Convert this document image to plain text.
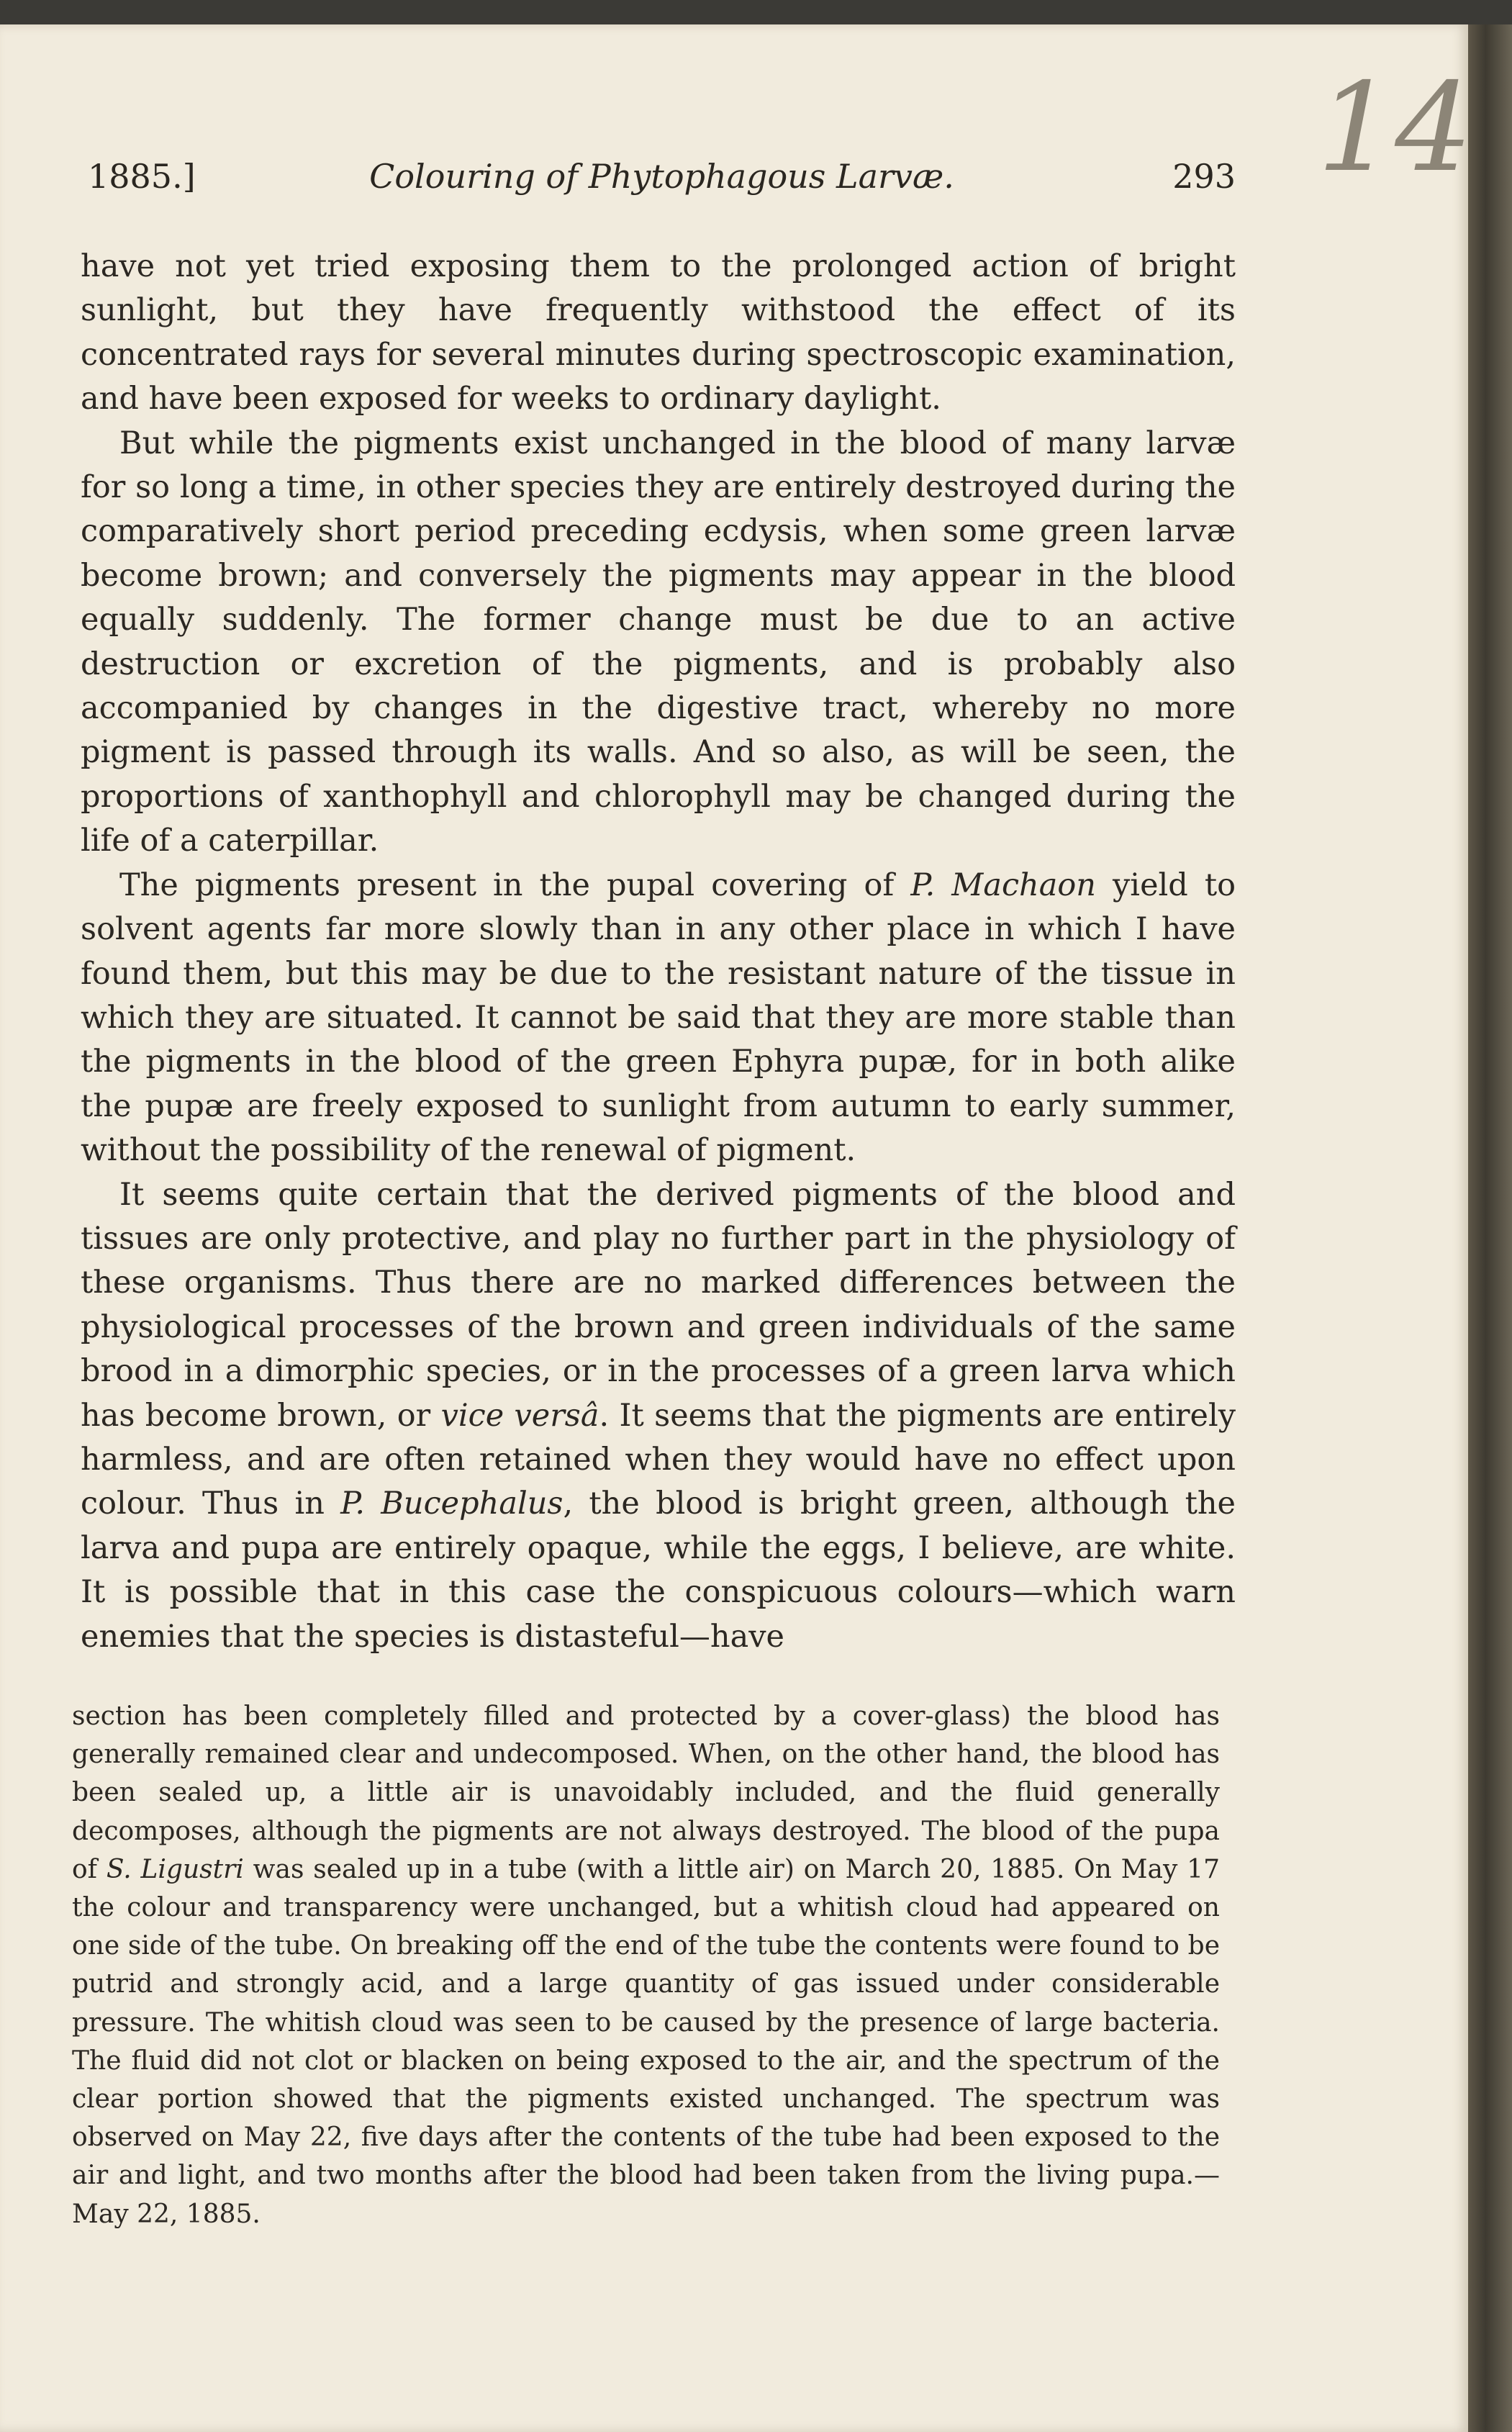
14
1885.]	Colouring of Phytophagous Larvæ.	293

have not yet tried exposing them to the prolonged action of bright sunlight, but they have frequently withstood the effect of its concentrated rays for several minutes during spectroscopic examination, and have been exposed for weeks to ordinary daylight.

But while the pigments exist unchanged in the blood of many larvæ for so long a time, in other species they are entirely destroyed during the comparatively short period preceding ecdysis, when some green larvæ become brown; and conversely the pigments may appear in the blood equally suddenly. The former change must be due to an active destruction or excretion of the pigments, and is probably also accompanied by changes in the digestive tract, whereby no more pigment is passed through its walls. And so also, as will be seen, the proportions of xanthophyll and chlorophyll may be changed during the life of a caterpillar.

The pigments present in the pupal covering of P. Machaon yield to solvent agents far more slowly than in any other place in which I have found them, but this may be due to the resistant nature of the tissue in which they are situated. It cannot be said that they are more stable than the pigments in the blood of the green Ephyra pupæ, for in both alike the pupæ are freely exposed to sunlight from autumn to early summer, without the possibility of the renewal of pigment.

It seems quite certain that the derived pigments of the blood and tissues are only protective, and play no further part in the physiology of these organisms. Thus there are no marked differences between the physiological processes of the brown and green individuals of the same brood in a dimorphic species, or in the processes of a green larva which has become brown, or vice versâ. It seems that the pigments are entirely harmless, and are often retained when they would have no effect upon colour. Thus in P. Bucephalus, the blood is bright green, although the larva and pupa are entirely opaque, while the eggs, I believe, are white. It is possible that in this case the conspicuous colours—which warn enemies that the species is distasteful—have

section has been completely filled and protected by a cover-glass) the blood has generally remained clear and undecomposed. When, on the other hand, the blood has been sealed up, a little air is unavoidably included, and the fluid generally decomposes, although the pigments are not always destroyed. The blood of the pupa of S. Ligustri was sealed up in a tube (with a little air) on March 20, 1885. On May 17 the colour and transparency were unchanged, but a whitish cloud had appeared on one side of the tube. On breaking off the end of the tube the contents were found to be putrid and strongly acid, and a large quantity of gas issued under considerable pressure. The whitish cloud was seen to be caused by the presence of large bacteria. The fluid did not clot or blacken on being exposed to the air, and the spectrum of the clear portion showed that the pigments existed unchanged. The spectrum was observed on May 22, five days after the contents of the tube had been exposed to the air and light, and two months after the blood had been taken from the living pupa.—May 22, 1885.
